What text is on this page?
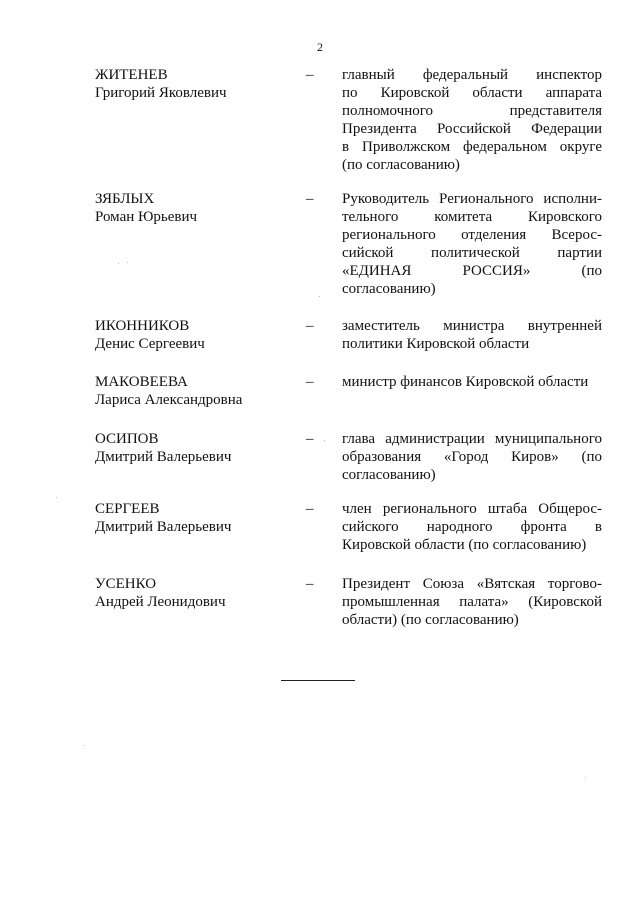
2
ЖИТЕНЕВ
Григорий Яковлевич
– главный федеральный инспектор
по Кировской области аппарата
полномочного представителя
Президента Российской Федерации
в Приволжском федеральном округе
(по согласованию)
ЗЯБЛЫХ
Роман Юрьевич
– Руководитель Регионального исполни-
тельного комитета Кировского
регионального отделения Всерос-
сийской политической партии
«ЕДИНАЯ РОССИЯ» (по
согласованию)
ИКОННИКОВ
Денис Сергеевич
– заместитель министра внутренней
политики Кировской области
МАКОВЕЕВА
Лариса Александровна
– министр финансов Кировской области
ОСИПОВ
Дмитрий Валерьевич
– глава администрации муниципального
образования «Город Киров» (по
согласованию)
СЕРГЕЕВ
Дмитрий Валерьевич
– член регионального штаба Общерос-
сийского народного фронта в
Кировской области (по согласованию)
УСЕНКО
Андрей Леонидович
– Президент Союза «Вятская торгово-
промышленная палата» (Кировской
области) (по согласованию)
